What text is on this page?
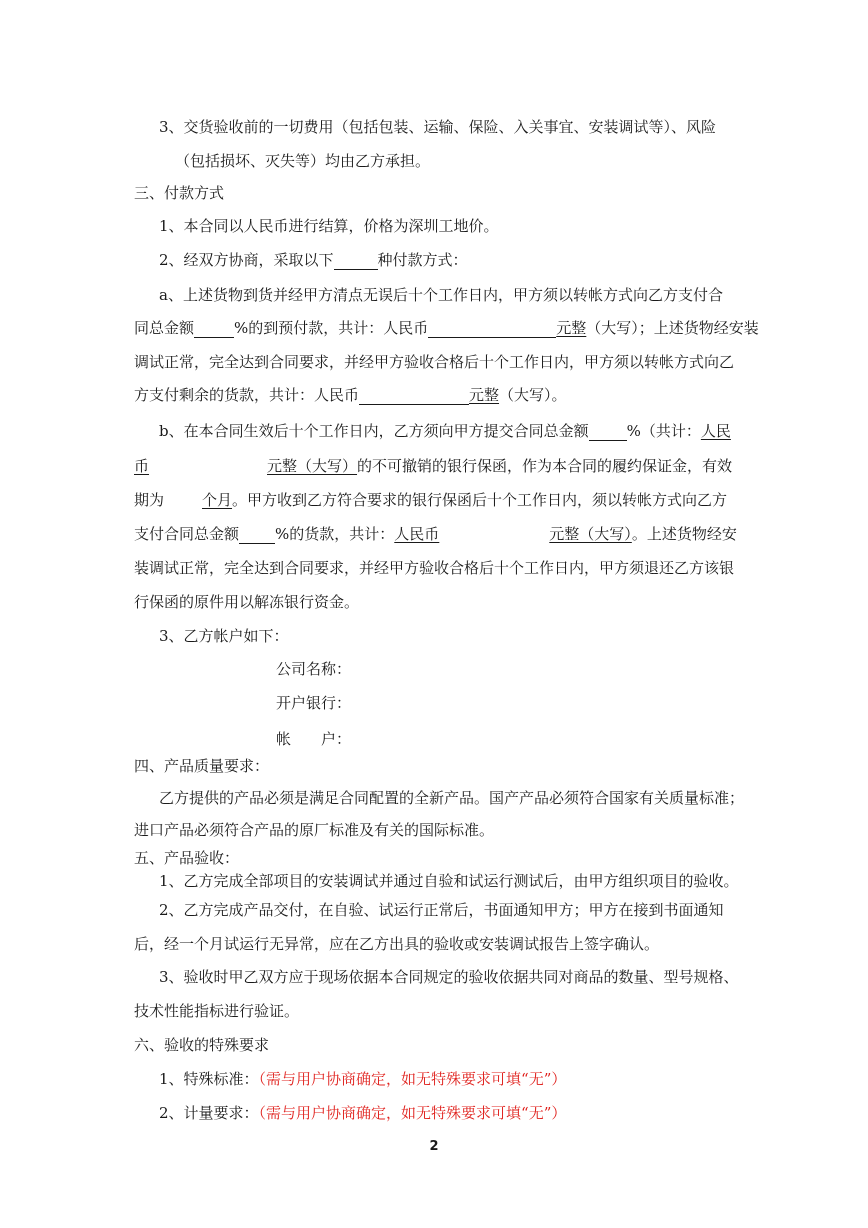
3、交货验收前的一切费用（包括包装、运输、保险、入关事宜、安装调试等）、风险
（包括损坏、灭失等）均由乙方承担。
三、付款方式
1、本合同以人民币进行结算，价格为深圳工地价。
2、经双方协商，采取以下	种付款方式：
a、上述货物到货并经甲方清点无误后十个工作日内，甲方须以转帐方式向乙方支付合
同总金额	%的到预付款，共计：人民币	元整（大写）；上述货物经安装
调试正常，完全达到合同要求，并经甲方验收合格后十个工作日内，甲方须以转帐方式向乙
方支付剩余的货款，共计：人民币	元整（大写）。
b、在本合同生效后十个工作日内，乙方须向甲方提交合同总金额	%（共计：人民
币	元整（大写）的不可撤销的银行保函，作为本合同的履约保证金，有效
期为	个月。甲方收到乙方符合要求的银行保函后十个工作日内，须以转帐方式向乙方
支付合同总金额 %的货款，共计：人民币	元整（大写）。上述货物经安
装调试正常，完全达到合同要求，并经甲方验收合格后十个工作日内，甲方须退还乙方该银
行保函的原件用以解冻银行资金。
3、乙方帐户如下：
公司名称：
开户银行：
帐　　户：
四、产品质量要求：
乙方提供的产品必须是满足合同配置的全新产品。国产产品必须符合国家有关质量标准；
进口产品必须符合产品的原厂标准及有关的国际标准。
五、产品验收：
1、乙方完成全部项目的安装调试并通过自验和试运行测试后，由甲方组织项目的验收。
2、乙方完成产品交付，在自验、试运行正常后，书面通知甲方；甲方在接到书面通知
后，经一个月试运行无异常，应在乙方出具的验收或安装调试报告上签字确认。
3、验收时甲乙双方应于现场依据本合同规定的验收依据共同对商品的数量、型号规格、
技术性能指标进行验证。
六、验收的特殊要求
1、特殊标准：（需与用户协商确定，如无特殊要求可填“无”）
2、计量要求：（需与用户协商确定，如无特殊要求可填“无”）
2
